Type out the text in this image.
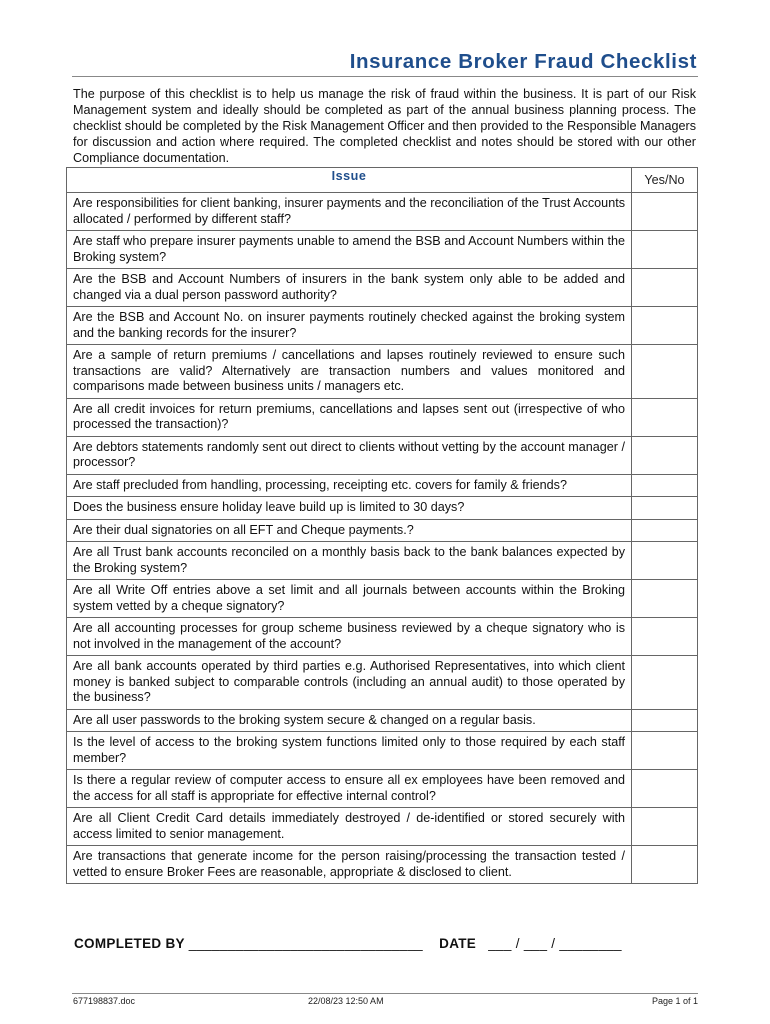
Insurance Broker Fraud Checklist
The purpose of this checklist is to help us manage the risk of fraud within the business. It is part of our Risk Management system and ideally should be completed as part of the annual business planning process. The checklist should be completed by the Risk Management Officer and then provided to the Responsible Managers for discussion and action where required. The completed checklist and notes should be stored with our other Compliance documentation.
Issue	Yes/No
Are responsibilities for client banking, insurer payments and the reconciliation of the Trust Accounts allocated / performed by different staff?	
Are staff who prepare insurer payments unable to amend the BSB and Account Numbers within the Broking system?	
Are the BSB and Account Numbers of insurers in the bank system only able to be added and changed via a dual person password authority?	
Are the BSB and Account No. on insurer payments routinely checked against the broking system and the banking records for the insurer?	
Are a sample of return premiums / cancellations and lapses routinely reviewed to ensure such transactions are valid? Alternatively are transaction numbers and values monitored and comparisons made between business units / managers etc.	
Are all credit invoices for return premiums, cancellations and lapses sent out (irrespective of who processed the transaction)?	
Are debtors statements randomly sent out direct to clients without vetting by the account manager / processor?	
Are staff precluded from handling, processing, receipting etc. covers for family & friends?	
Does the business ensure holiday leave build up is limited to 30 days?	
Are their dual signatories on all EFT and Cheque payments.?	
Are all Trust bank accounts reconciled on a monthly basis back to the bank balances expected by the Broking system?	
Are all Write Off entries above a set limit and all journals between accounts within the Broking system vetted by a cheque signatory?	
Are all accounting processes for group scheme business reviewed by a cheque signatory who is not involved in the management of the account?	
Are all bank accounts operated by third parties e.g. Authorised Representatives, into which client money is banked subject to comparable controls (including an annual audit) to those operated by the business?	
Are all user passwords to the broking system secure & changed on a regular basis.	
Is the level of access to the broking system functions limited only to those required by each staff member?	
Is there a regular review of computer access to ensure all ex employees have been removed and the access for all staff is appropriate for effective internal control?	
Are all Client Credit Card details immediately destroyed / de-identified or stored securely with access limited to senior management.	
Are transactions that generate income for the person raising/processing the transaction tested / vetted to ensure Broker Fees are reasonable, appropriate & disclosed to client.	
COMPLETED BY ______________________________ DATE ___ / ___ / ________
677198837.doc	22/08/23 12:50 AM	Page 1 of 1
